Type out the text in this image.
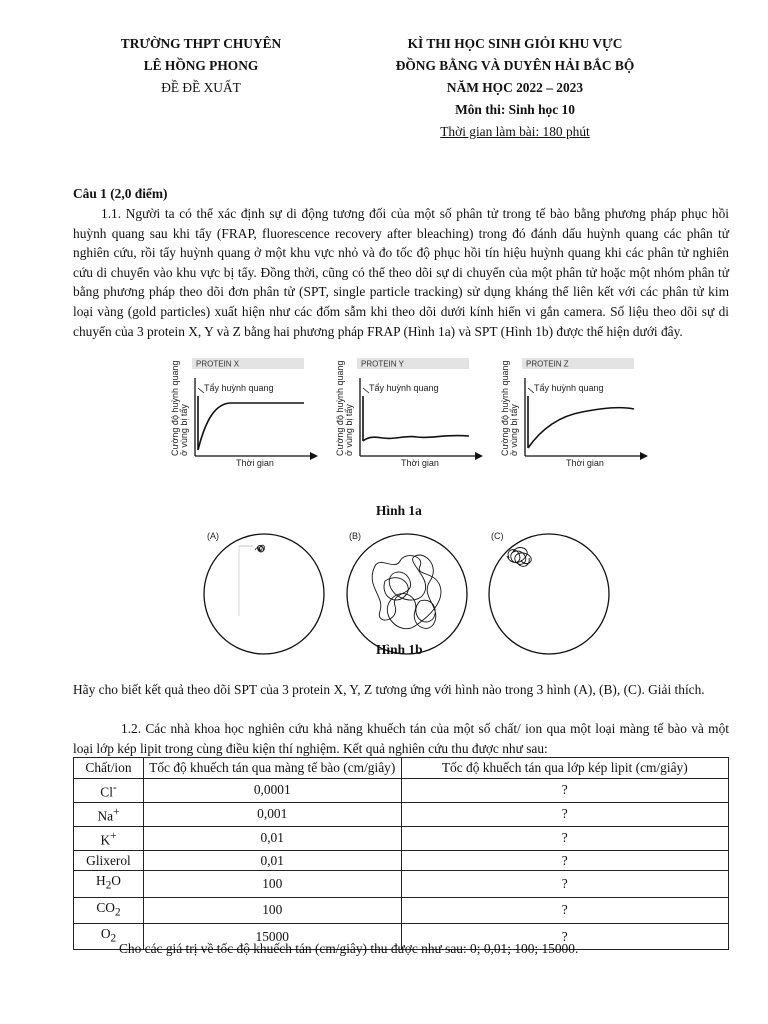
TRƯỜNG THPT CHUYÊN
LÊ HỒNG PHONG
ĐỀ ĐỀ XUẤT
KÌ THI HỌC SINH GIỎI KHU VỰC
ĐỒNG BẰNG VÀ DUYÊN HẢI BẮC BỘ
NĂM HỌC 2022 – 2023
Môn thi: Sinh học 10
Thời gian làm bài: 180 phút
Câu 1 (2,0 điểm)
1.1. Người ta có thể xác định sự di động tương đối của một số phân tử trong tế bào bằng phương pháp phục hồi huỳnh quang sau khi tẩy (FRAP, fluorescence recovery after bleaching) trong đó đánh dấu huỳnh quang các phân tử nghiên cứu, rồi tẩy huỳnh quang ở một khu vực nhỏ và đo tốc độ phục hồi tín hiệu huỳnh quang khi các phân tử nghiên cứu di chuyển vào khu vực bị tẩy. Đồng thời, cũng có thể theo dõi sự di chuyển của một phân tử hoặc một nhóm phân tử bằng phương pháp theo dõi đơn phân tử (SPT, single particle tracking) sử dụng kháng thể liên kết với các phân tử kim loại vàng (gold particles) xuất hiện như các đốm sẫm khi theo dõi dưới kính hiển vi gắn camera. Số liệu theo dõi sự di chuyển của 3 protein X, Y và Z bằng hai phương pháp FRAP (Hình 1a) và SPT (Hình 1b) được thể hiện dưới đây.
PROTEIN X
Cường độ huỳnh quang ở vùng bị tẩy
Tẩy huỳnh quang
Thời gian
PROTEIN Y
Cường độ huỳnh quang ở vùng bị tẩy
Tẩy huỳnh quang
Thời gian
PROTEIN Z
Cường độ huỳnh quang ở vùng bị tẩy
Tẩy huỳnh quang
Thời gian
Hình 1a
(A)	(B)	(C)
Hình 1b
Hãy cho biết kết quả theo dõi SPT của 3 protein X, Y, Z tương ứng với hình nào trong 3 hình (A), (B), (C). Giải thích.
1.2. Các nhà khoa học nghiên cứu khả năng khuếch tán của một số chất/ ion qua một loại màng tế bào và một loại lớp kép lipit trong cùng điều kiện thí nghiệm. Kết quả nghiên cứu thu được như sau:
Chất/ion	Tốc độ khuếch tán qua màng tế bào (cm/giây)	Tốc độ khuếch tán qua lớp kép lipit (cm/giây)
Cl-	0,0001	?
Na+	0,001	?
K+	0,01	?
Glixerol	0,01	?
$H_2O$	100	?
$CO_2$	100	?
$O_2$	15000	?
Cho các giá trị về tốc độ khuếch tán (cm/giây) thu được như sau: 0; 0,01; 100; 15000.
